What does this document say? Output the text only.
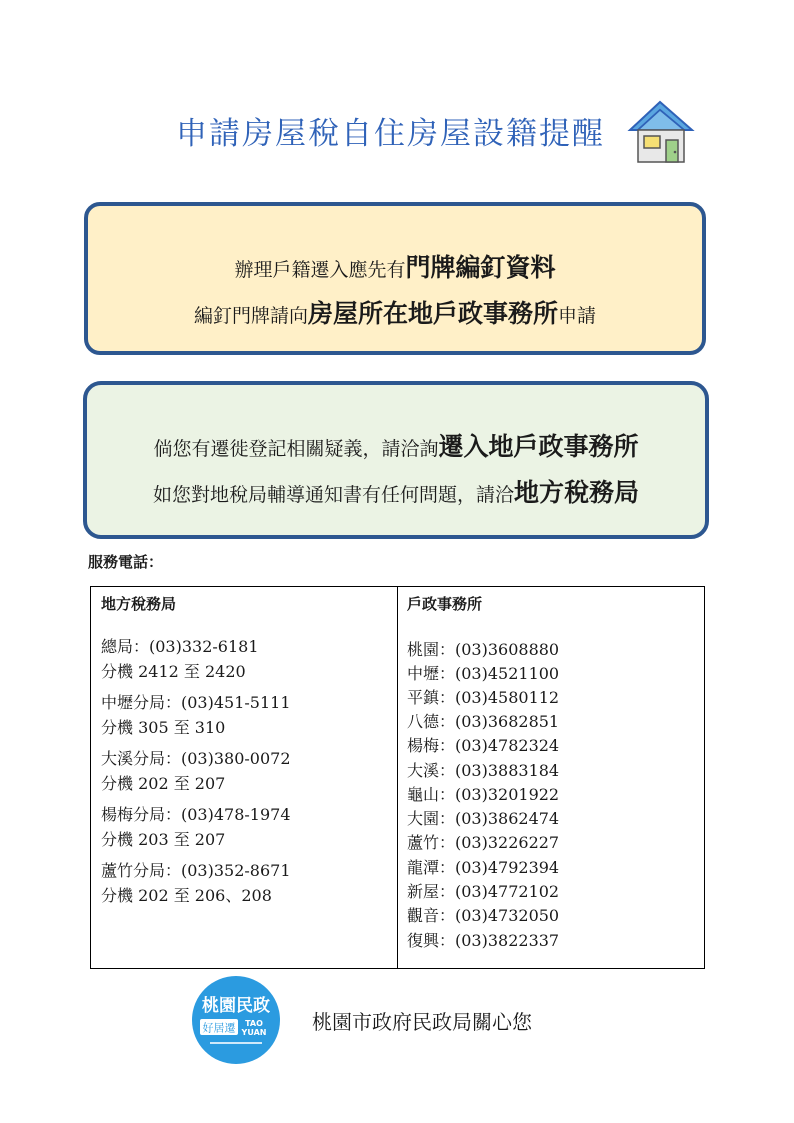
申請房屋稅自住房屋設籍提醒
辦理戶籍遷入應先有門牌編釘資料
編釘門牌請向房屋所在地戶政事務所申請
倘您有遷徙登記相關疑義，請洽詢遷入地戶政事務所
如您對地稅局輔導通知書有任何問題，請洽地方稅務局
服務電話：
地方稅務局
總局：(03)332-6181
分機 2412 至 2420
中壢分局：(03)451-5111
分機 305 至 310
大溪分局：(03)380-0072
分機 202 至 207
楊梅分局：(03)478-1974
分機 203 至 207
蘆竹分局：(03)352-8671
分機 202 至 206、208
戶政事務所
桃園：(03)3608880
中壢：(03)4521100
平鎮：(03)4580112
八德：(03)3682851
楊梅：(03)4782324
大溪：(03)3883184
龜山：(03)3201922
大園：(03)3862474
蘆竹：(03)3226227
龍潭：(03)4792394
新屋：(03)4772102
觀音：(03)4732050
復興：(03)3822337
桃園民政
好居遷 TAO
YUAN 桃園市政府民政局關心您
